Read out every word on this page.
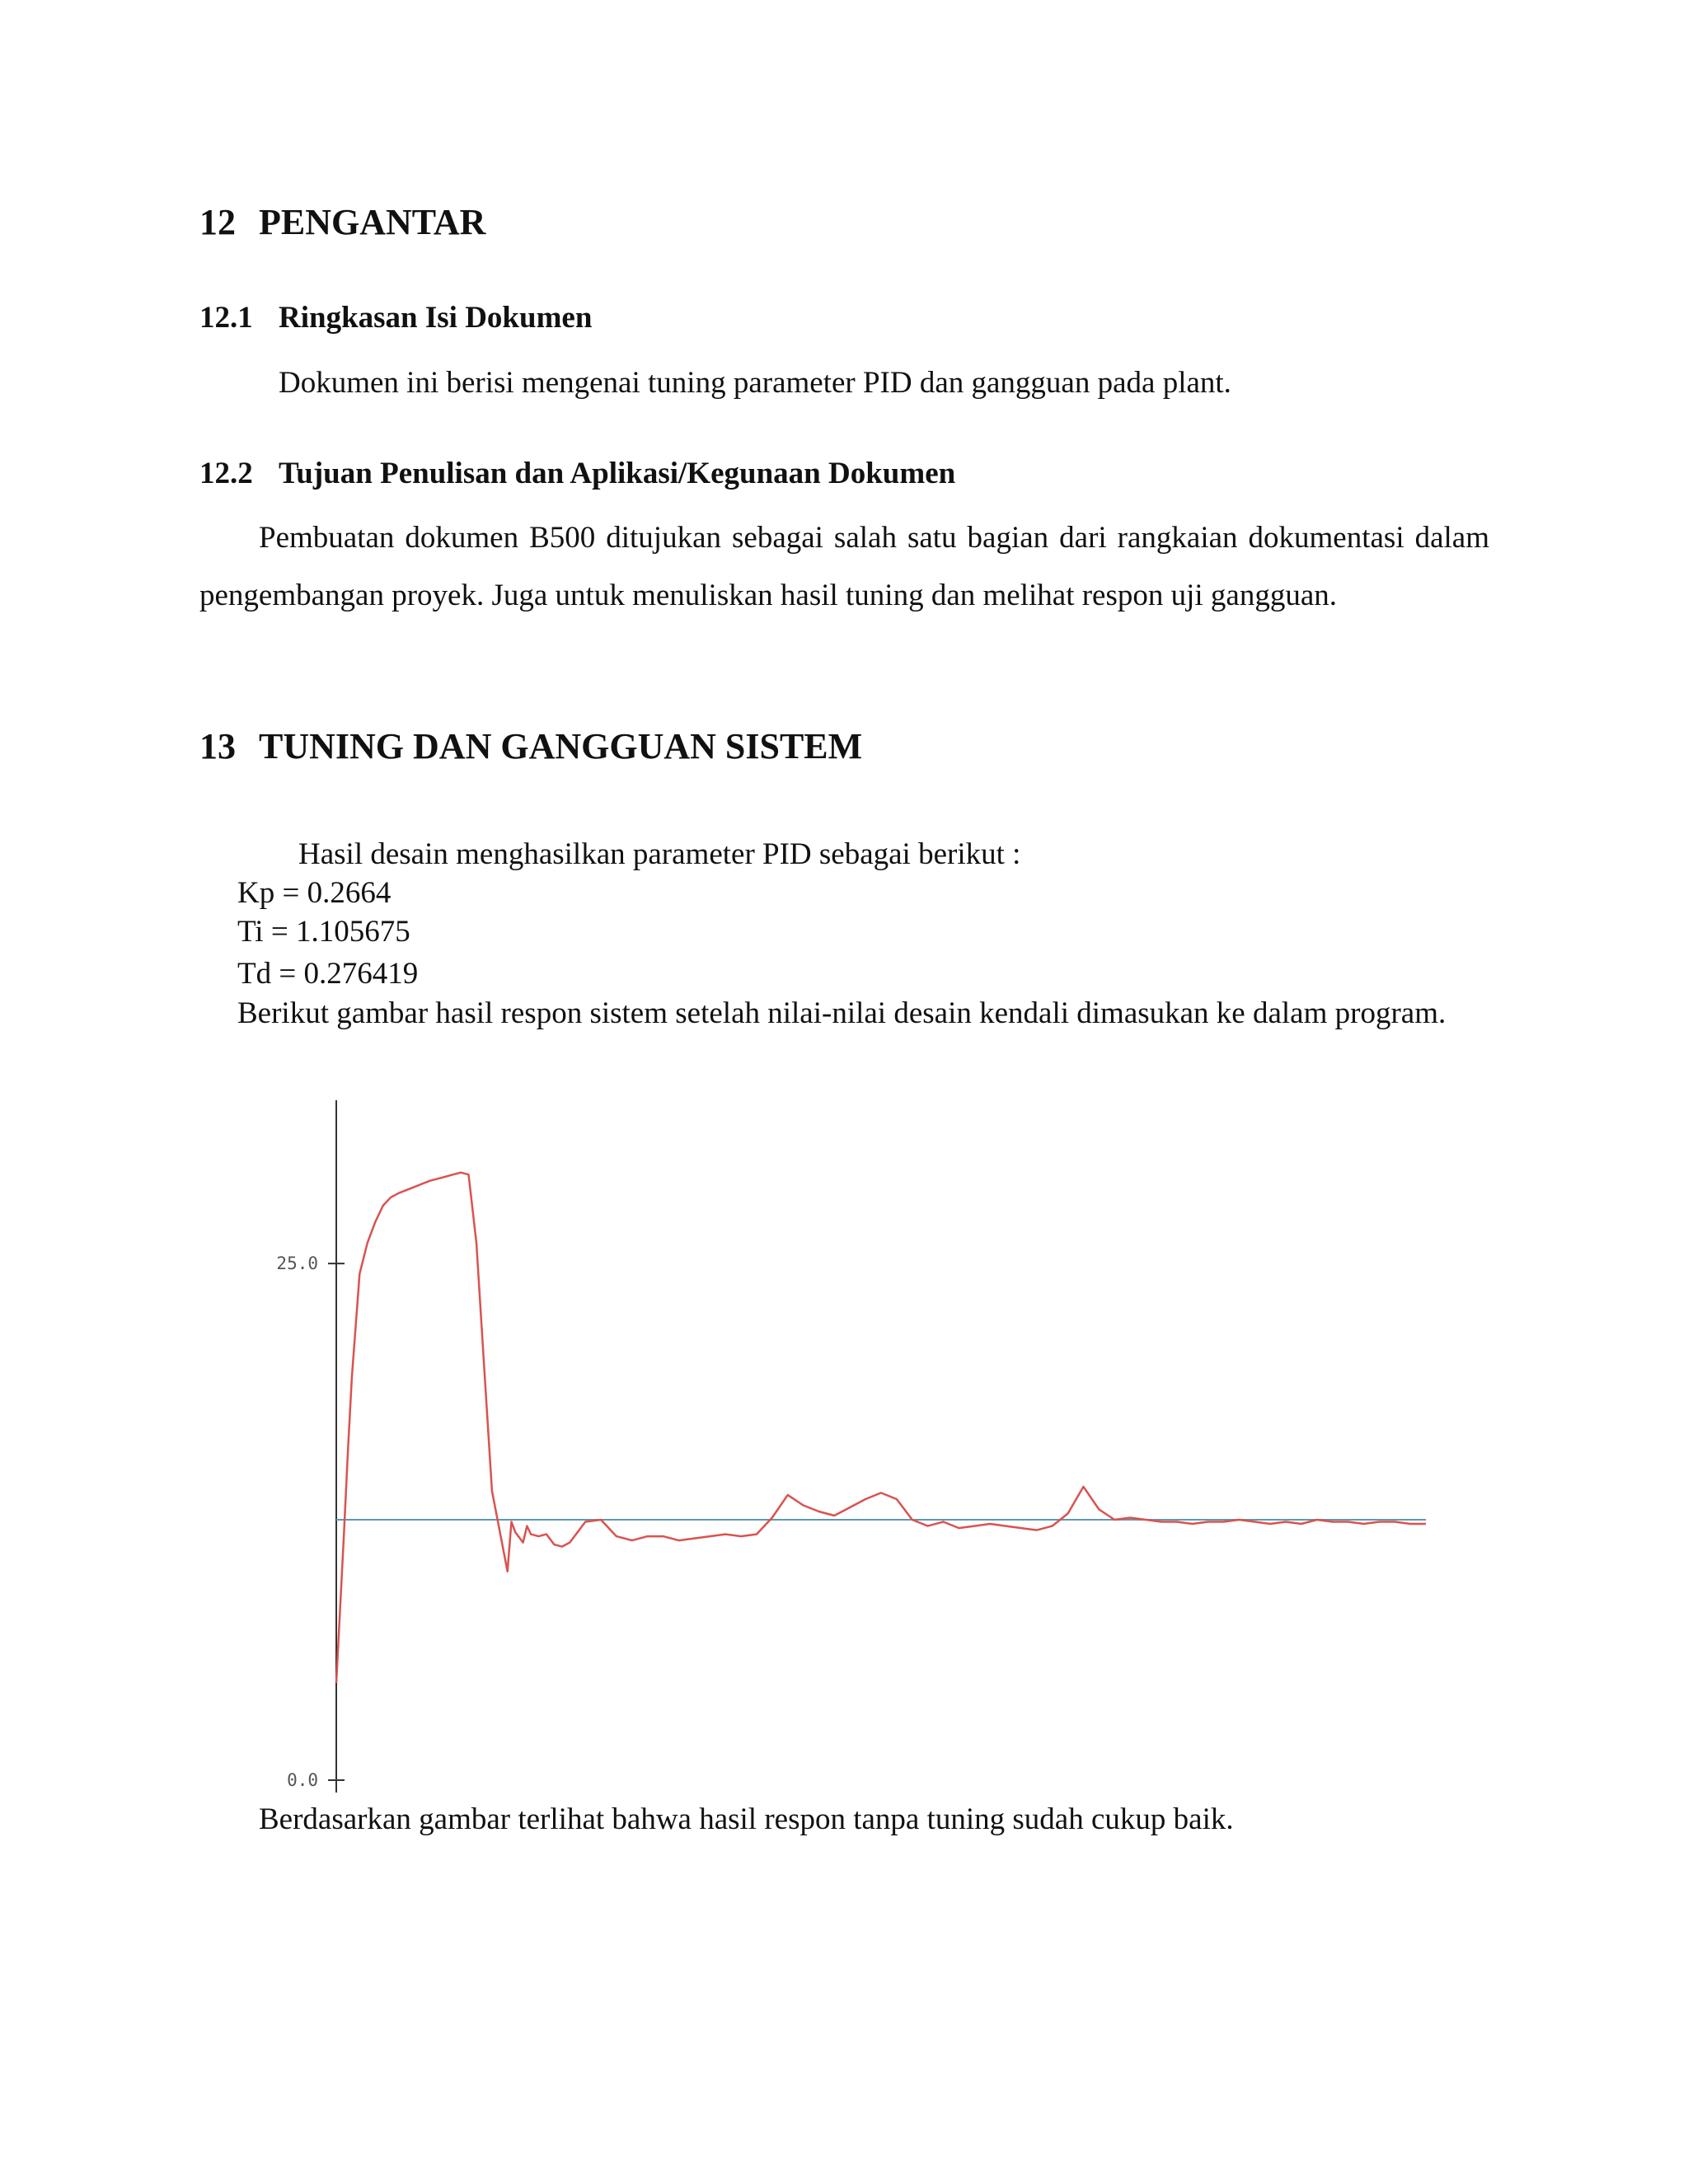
12 PENGANTAR
12.1 Ringkasan Isi Dokumen

Dokumen ini berisi mengenai tuning parameter PID dan gangguan pada plant.

12.2 Tujuan Penulisan dan Aplikasi/Kegunaan Dokumen

Pembuatan dokumen B500 ditujukan sebagai salah satu bagian dari rangkaian dokumentasi dalam pengembangan proyek. Juga untuk menuliskan hasil tuning dan melihat respon uji gangguan.

13 TUNING DAN GANGGUAN SISTEM

Hasil desain menghasilkan parameter PID sebagai berikut :

Kp = 0.2664

Ti = 1.105675

Td = 0.276419

Berikut gambar hasil respon sistem setelah nilai-nilai desain kendali dimasukan ke dalam program.

0.0
25.0

Berdasarkan gambar terlihat bahwa hasil respon tanpa tuning sudah cukup baik.
